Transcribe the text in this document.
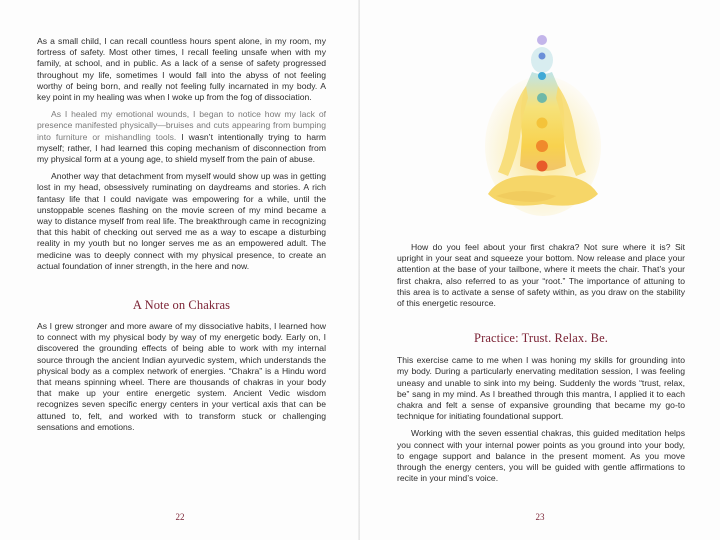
As a small child, I can recall countless hours spent alone, in my room, my fortress of safety. Most other times, I recall feeling unsafe when with my family, at school, and in public. As a lack of a sense of safety progressed throughout my life, sometimes I would fall into the abyss of not feeling worthy of being born, and really not feeling fully incarnated in my body. A key point in my healing was when I woke up from the fog of dissociation.

As I healed my emotional wounds, I began to notice how my lack of presence manifested physically—bruises and cuts appearing from bumping into furniture or mishandling tools. I wasn’t intentionally trying to harm myself; rather, I had learned this coping mechanism of disconnection from my physical form at a young age, to shield myself from the pain of abuse.

Another way that detachment from myself would show up was in getting lost in my head, obsessively ruminating on daydreams and stories. A rich fantasy life that I could navigate was empowering for a while, until the unstoppable scenes flashing on the movie screen of my mind became a way to distance myself from real life. The breakthrough came in recognizing that this habit of checking out served me as a way to escape a disturbing reality in my youth but no longer serves me as an empowered adult. The medicine was to deeply connect with my physical presence, to create an actual foundation of inner strength, in the here and now.

A Note on Chakras

As I grew stronger and more aware of my dissociative habits, I learned how to connect with my physical body by way of my energetic body. Early on, I discovered the grounding effects of being able to work with my internal source through the ancient Indian ayurvedic system, which understands the physical body as a complex network of energies. “Chakra” is a Hindu word that means spinning wheel. There are thousands of chakras in your body that make up your entire energetic system. Ancient Vedic wisdom recognizes seven specific energy centers in your vertical axis that can be attuned to, felt, and worked with to transform stuck or challenging sensations and emotions.

22

How do you feel about your first chakra? Not sure where it is? Sit upright in your seat and squeeze your bottom. Now release and place your attention at the base of your tailbone, where it meets the chair. That’s your first chakra, also referred to as your “root.” The importance of attuning to this area is to activate a sense of safety within, as you draw on the stability of this energetic resource.

Practice: Trust. Relax. Be.

This exercise came to me when I was honing my skills for grounding into my body. During a particularly enervating meditation session, I was feeling uneasy and unable to sink into my being. Suddenly the words “trust, relax, be” sang in my mind. As I breathed through this mantra, I applied it to each chakra and felt a sense of expansive grounding that became my go-to technique for initiating foundational support.

Working with the seven essential chakras, this guided meditation helps you connect with your internal power points as you ground into your body, to engage support and balance in the present moment. As you move through the energy centers, you will be guided with gentle affirmations to recite in your mind’s voice.

23
